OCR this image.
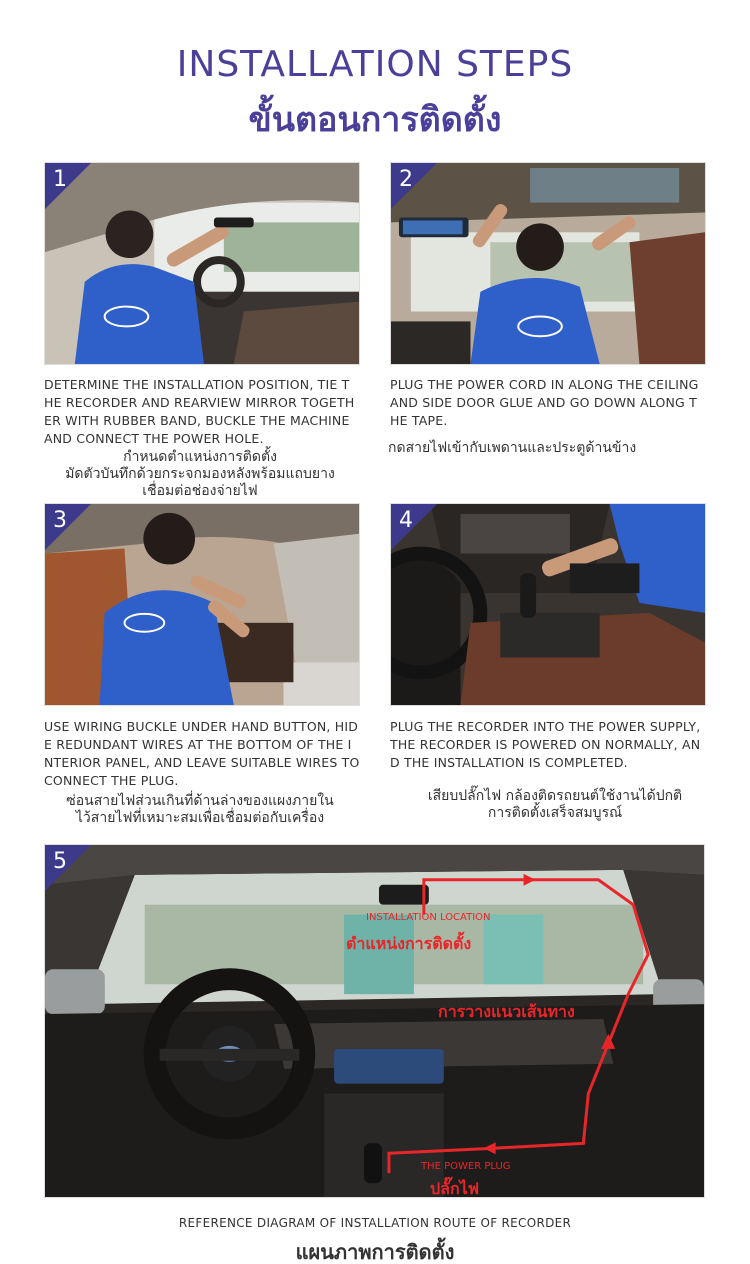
INSTALLATION STEPS
ขั้นตอนการติดตั้ง
1
DETERMINE THE INSTALLATION POSITION, TIE THE RECORDER AND REARVIEW MIRROR TOGETHER WITH RUBBER BAND, BUCKLE THE MACHINE AND CONNECT THE POWER HOLE.
กำหนดตำแหน่งการติดตั้ง
มัดตัวบันทึกด้วยกระจกมองหลังพร้อมแถบยาง
เชื่อมต่อช่องจ่ายไฟ
2
PLUG THE POWER CORD IN ALONG THE CEILING AND SIDE DOOR GLUE AND GO DOWN ALONG THE TAPE.
กดสายไฟเข้ากับเพดานและประตูด้านข้าง
3
USE WIRING BUCKLE UNDER HAND BUTTON, HIDE REDUNDANT WIRES AT THE BOTTOM OF THE INTERIOR PANEL, AND LEAVE SUITABLE WIRES TO CONNECT THE PLUG.
ซ่อนสายไฟส่วนเกินที่ด้านล่างของแผงภายใน
ไว้สายไฟที่เหมาะสมเพื่อเชื่อมต่อกับเครื่อง
4
PLUG THE RECORDER INTO THE POWER SUPPLY, THE RECORDER IS POWERED ON NORMALLY, AND THE INSTALLATION IS COMPLETED.
เสียบปลั๊กไฟ กล้องติดรถยนต์ใช้งานได้ปกติ
การติดตั้งเสร็จสมบูรณ์
5
INSTALLATION LOCATION
ตำแหน่งการติดตั้ง
การวางแนวเส้นทาง
THE POWER PLUG
ปลั๊กไฟ
REFERENCE DIAGRAM OF INSTALLATION ROUTE OF RECORDER
แผนภาพการติดตั้ง
